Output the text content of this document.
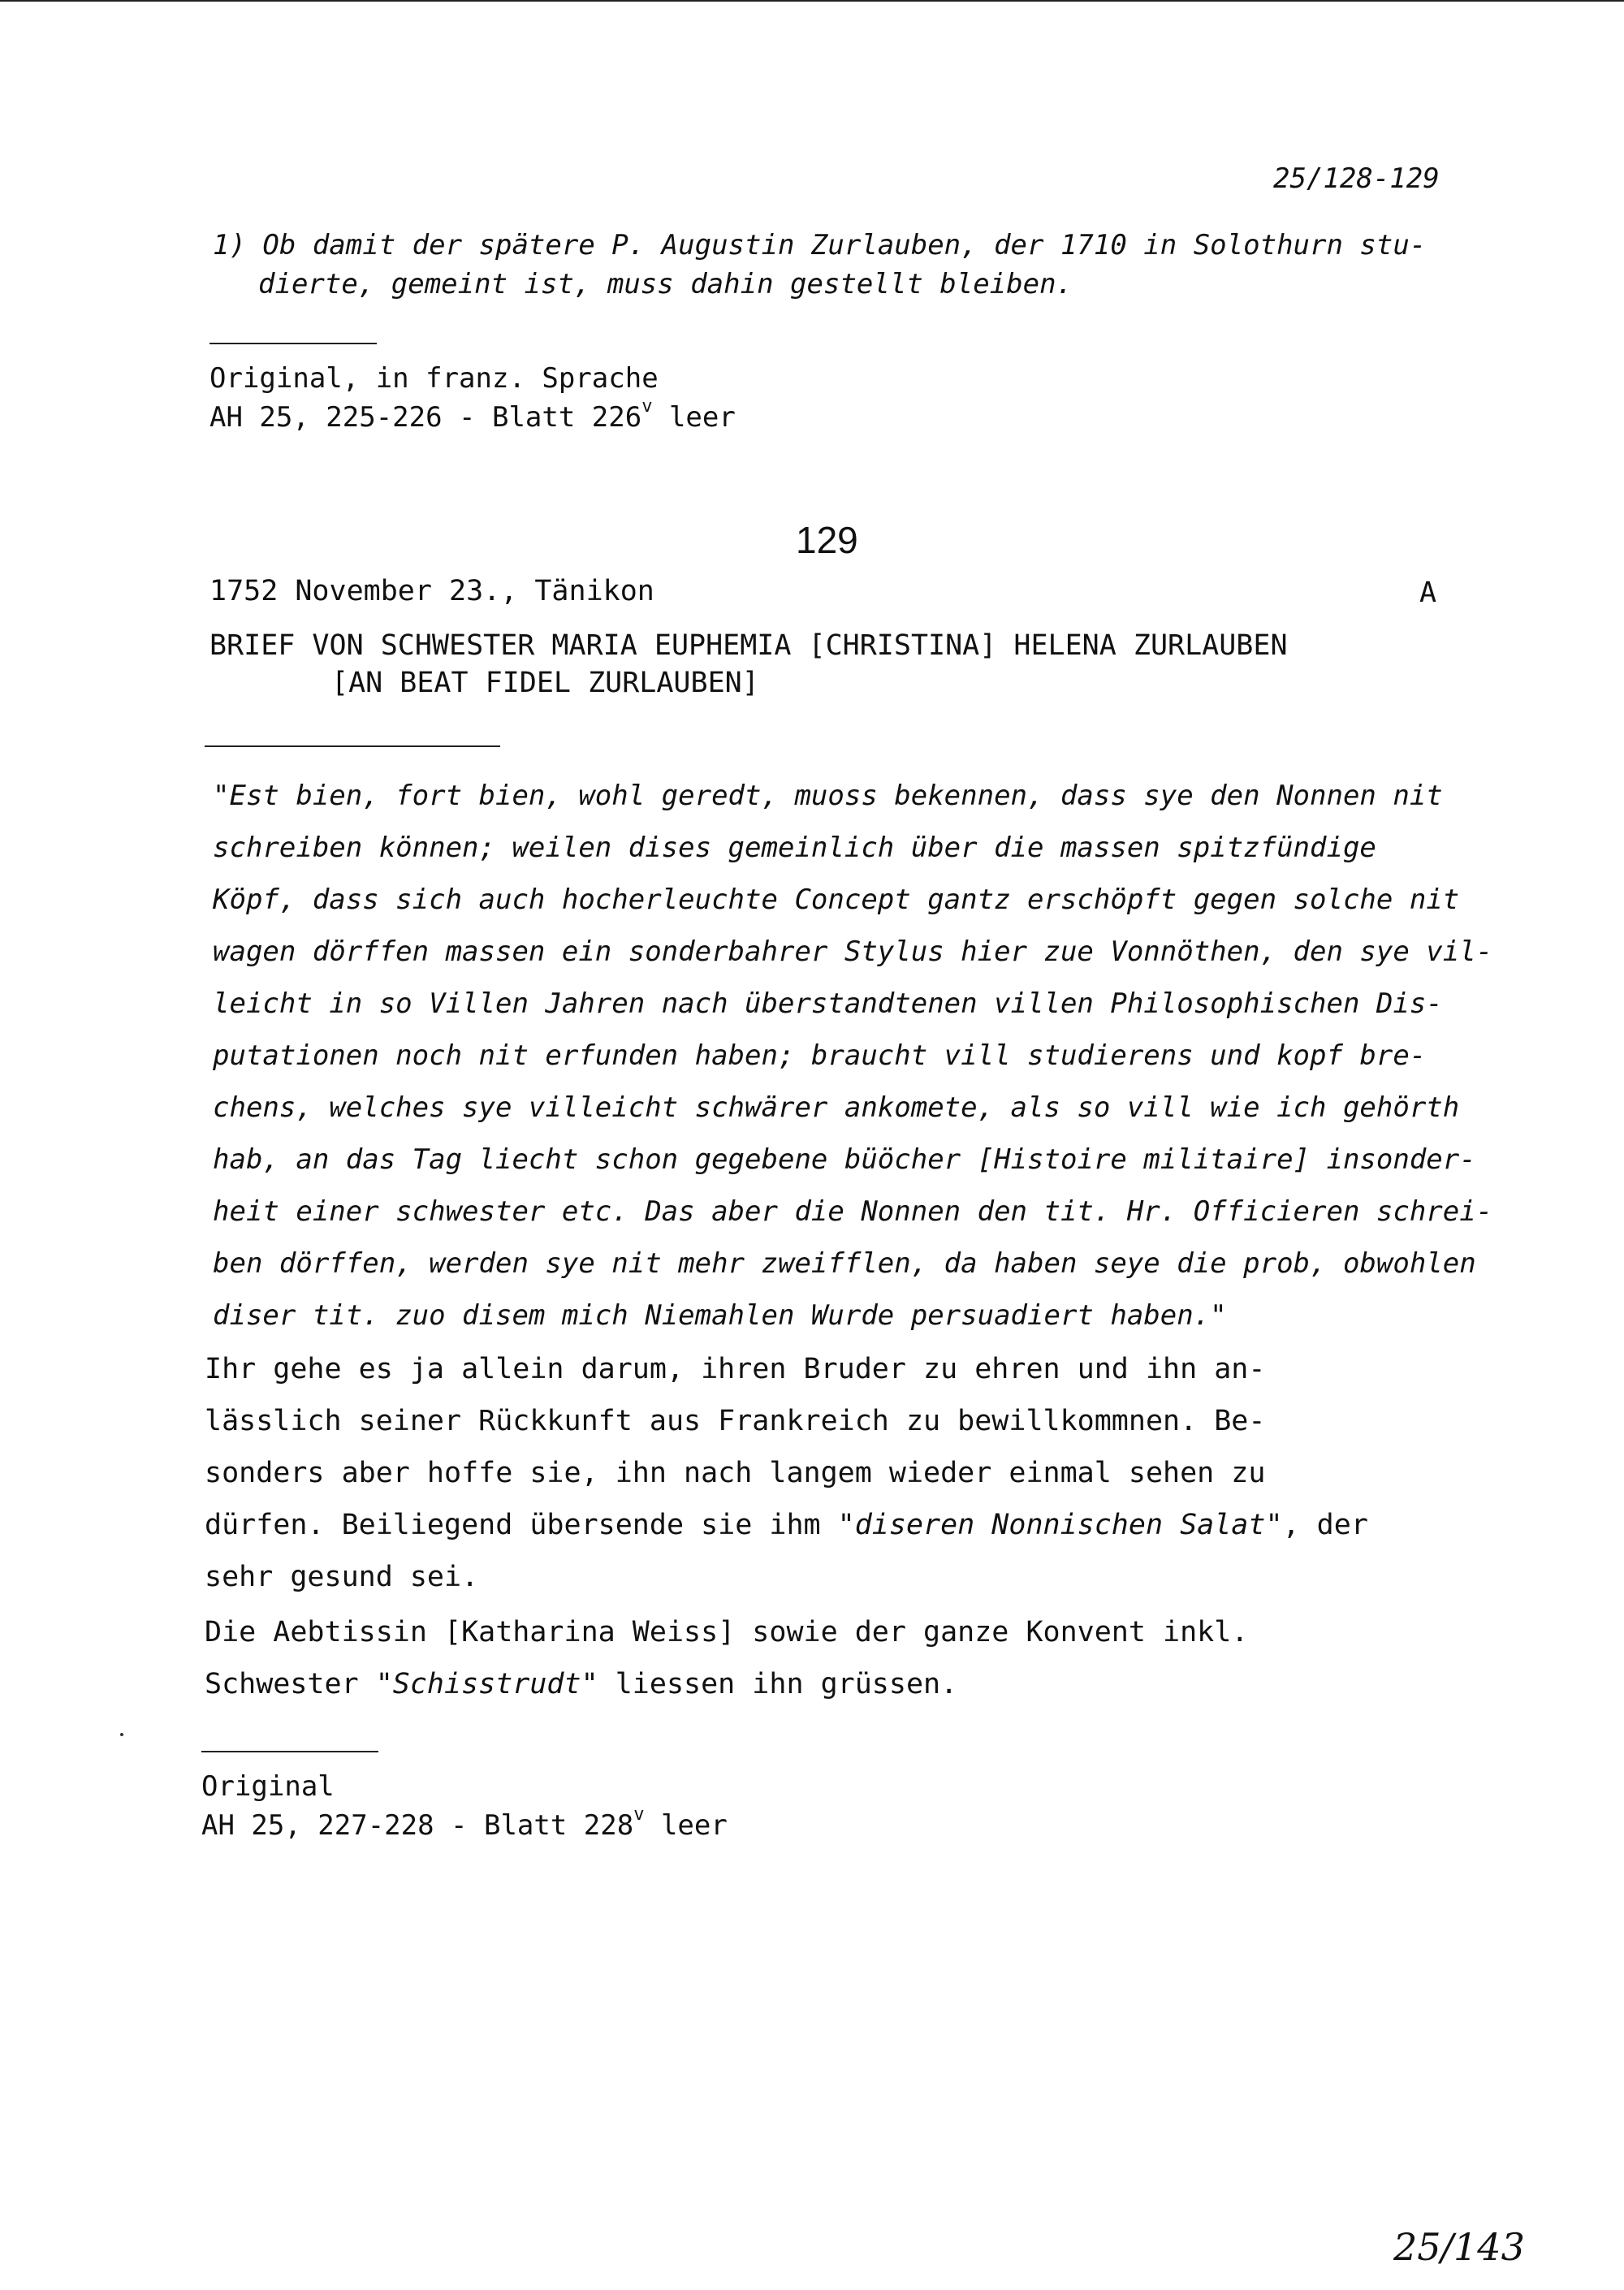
25/128-129
1) Ob damit der spätere P. Augustin Zurlauben, der 1710 in Solothurn stu-
dierte, gemeint ist, muss dahin gestellt bleiben.
Original, in franz. Sprache
AH 25, 225-226 - Blatt 226$^v$ leer
129
1752 November 23., Tänikon	A
BRIEF VON SCHWESTER MARIA EUPHEMIA [CHRISTINA] HELENA ZURLAUBEN
[AN BEAT FIDEL ZURLAUBEN]
"Est bien, fort bien, wohl geredt, muoss bekennen, dass sye den Nonnen nit
schreiben können; weilen dises gemeinlich über die massen spitzfündige
Köpf, dass sich auch hocherleuchte Concept gantz erschöpft gegen solche nit
wagen dörffen massen ein sonderbahrer Stylus hier zue Vonnöthen, den sye vil-
leicht in so Villen Jahren nach überstandtenen villen Philosophischen Dis-
putationen noch nit erfunden haben; braucht vill studierens und kopf bre-
chens, welches sye villeicht schwärer ankomete, als so vill wie ich gehörth
hab, an das Tag liecht schon gegebene büöcher [Histoire militaire] insonder-
heit einer schwester etc. Das aber die Nonnen den tit. Hr. Officieren schrei-
ben dörffen, werden sye nit mehr zweifflen, da haben seye die prob, obwohlen
diser tit. zuo disem mich Niemahlen Wurde persuadiert haben."
Ihr gehe es ja allein darum, ihren Bruder zu ehren und ihn an-
lässlich seiner Rückkunft aus Frankreich zu bewillkommnen. Be-
sonders aber hoffe sie, ihn nach langem wieder einmal sehen zu
dürfen. Beiliegend übersende sie ihm "diseren Nonnischen Salat", der
sehr gesund sei.
Die Aebtissin [Katharina Weiss] sowie der ganze Konvent inkl.
Schwester "Schisstrudt" liessen ihn grüssen.
Original
AH 25, 227-228 - Blatt 228$^v$ leer
25/143
